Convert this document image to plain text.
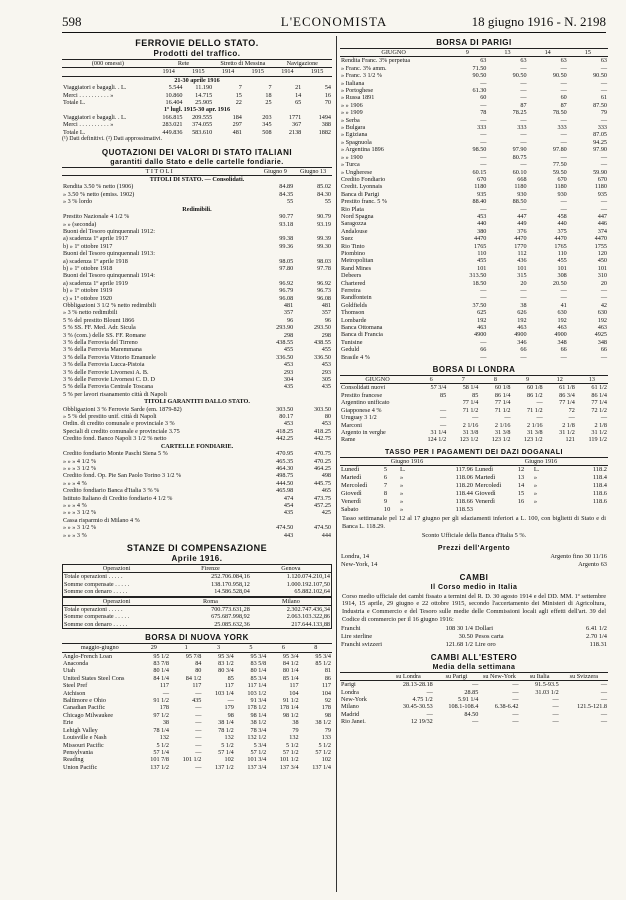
598	L'ECONOMISTA	18 giugno 1916 - N. 2198
FERROVIE DELLO STATO.
Prodotti del traffico.
(000 omessi)	Rete		Stretto di Messina		Navigazione	
	1914	1915	1914	1915	1914	1915
21-30 aprile 1916						
Viaggiatori e bagagli. . L.	5.544	11.190	7	7	21	54
Merci . . . . . . . . . . »	10.860	14.715	15	18	14	16
Totale L.	16.404	25.905	22	25	65	70
1º lugl. 1915-30 apr. 1916						
Viaggiatori e bagagli. . L.	166.815	209.555	184	203	1771	1494
Merci . . . . . . . . . . »	283.021	374.055	297	345	367	388
Totale L.	449.836	583.610	481	508	2138	1882
(¹) Dati definitivi. (²) Dati approssimativi.
QUOTAZIONI DEI VALORI DI STATO ITALIANI
garantiti dallo Stato e delle cartelle fondiarie.
T I T O L I	Giugno 9	Giugno 13
TITOLI DI STATO. — Consolidati.		
Rendita 3.50 % netto (1906)	84.89	85.02
» 3.50 % netto (emiss. 1902)	84.35	84.30
» 3 % lordo	55	55
Redimibili.		
Prestito Nazionale 4 1/2 %	90.77	90.79
» » (seconda)	93.18	93.19
Buoni del Tesoro quinquennali 1912:		
a) scadenza 1º aprile 1917	99.38	99.39
b) » 1º ottobre 1917	99.36	99.30
Buoni del Tesoro quinquennali 1913:		
a) scadenza 1º aprile 1918	98.05	98.03
b) » 1º ottobre 1918	97.80	97.78
Buoni del Tesoro quinquennali 1914:		
a) scadenza 1º aprile 1919	96.92	96.92
b) » 1º ottobre 1919	96.79	96.73
c) » 1º ottobre 1920	96.08	96.08
Obbligazioni 3 1/2 % netto redimibili	481	481
» 3 % netto redimibili	357	357
5 % del prestito Blount 1866	96	96
5 % SS. FF. Med. Adr. Sicula	293.90	293.50
3 % (com.) delle SS. FF. Romane	298	298
3 % della Ferrovia del Tirreno	438.55	438.55
3 % della Ferrovia Maremmana	455	455
3 % della Ferrovia Vittorio Emanuele	336.50	336.50
3 % della Ferrovia Lucca-Pistoia	453	453
3 % delle Ferrovie Livornesi A. B.	293	293
3 % delle Ferrovie Livornesi C. D. D	304	305
5 % della Ferrovia Centrale Toscana	435	435
5 % per lavori risanamento città di Napoli		
TITOLI GARANTITI DALLO STATO.		
Obbligazioni 3 % Ferrovie Sarde (em. 1879-82)	303.50	303.50
» 5 % del prestito unif. città di Napoli	80.17	80
Ordin. di credito comunale e provinciale 3 %	453	453
Speciali di credito comunale e provinciale 3.75	418.25	418.25
Credito fond. Banco Napoli 3 1/2 % netto	442.25	442.75
CARTELLE FONDIARIE.		
Credito fondiario Monte Paschi Siena 5 %	470.95	470.75
» » » 4 1/2 %	465.35	470.25
» » » 3 1/2 %	464.30	464.25
Credito fond. Op. Pie San Paolo Torino 3 1/2 %	498.75	498
» » » 4 %	444.50	445.75
Credito fondiario Banca d'Italia 3 % %	465.98	465
Istituto Italiano di Credito fondiario 4 1/2 %	474	473.75
» » » 4 %	454	457.25
» » » 3 1/2 %	435	425
Cassa risparmio di Milano 4 %		
» » » 3 1/2 %	474.50	474.50
» » » 3 %	443	444
STANZE DI COMPENSAZIONE
Aprile 1916.
Operazioni	Firenze	Genova
Totale operazioni . . . . .	252.706.084,16	1.120.074.210,14
Somme compensate . . . . .	138.170.958,12	1.000.192.107,50
Somme con denaro . . . . .	14.586.528,04	65.882.102,64
Operazioni	Roma	Milano
Totale operazioni . . . . .	700.773.631,28	2.302.747.436,34
Somme compensate . . . . .	675.687.998,92	2.063.103.322,86
Somme con denaro . . . . .	25.085.632,36	217.644.133,88
BORSA DI NUOVA YORK
maggio-giugno	29	1	3	5	6	8
Anglo-French Loan	95 1/2	95 7/8	95 3/4	95 3/4	95 3/4	95 3/4
Anaconda	83 7/8	84	83 1/2	83 5/8	84 1/2	85 1/2
Utah	80 1/4	80	80 3/4	80 1/4	80 1/4	81
United States Steel Cons	84 1/4	84 1/2	85	85 3/4	85 1/4	86
Steel Pref	117	117	117	117 1/4	117	117
Atchison	—	—	103 1/4	103 1/2	104	104
Baltimore e Ohio	91 1/2	435	—	91 3/4	91 1/2	92
Canadian Pacific	178	—	179	178 1/2	178 1/4	178
Chicago Milwaukee	97 1/2	—	98	98 1/4	98 1/2	98
Erie	38	—	38 1/4	38 1/2	38	38 1/2
Lehigh Valley	78 1/4	—	78 1/2	78 3/4	79	79
Louisville e Nash	132	—	132	132 1/2	132	133
Missouri Pacific	5 1/2	—	5 1/2	5 3/4	5 1/2	5 1/2
Pensylvania	57 1/4	—	57 1/4	57 1/2	57 1/2	57 1/2
Reading	101 7/8	101 1/2	102	101 3/4	101 1/2	102
Union Pacific	137 1/2	—	137 1/2	137 3/4	137 3/4	137 1/4
BORSA DI PARIGI
GIUGNO	9	13	14	15
Rendita Franc. 3% perpetua	63	63	63	63
» Franc. 3% amm.	71.50	—	—	—
» Franc. 3 1/2 %	90.50	90.50	90.50	90.50
» Italiana	—	—	—	—
» Portoghese	61.30	—	—	—
» Russa 1891	60	—	60	61
» » 1906	—	87	87	87.50
» » 1909	78	78.25	78.50	79
» Serba	—	—	—	—
» Bulgara	333	333	333	333
» Egiziana	—	—	—	87.05
» Spagnuola	—	—	—	94.25
» Argentina 1896	98.50	97.90	97.80	97.90
» » 1900	—	80.75	—	—
» Turca	—	—	77.50	—
» Ungherese	60.15	60.10	59.50	59.90
Credito Fondiario	670	668	670	670
Credit. Lyonnais	1180	1180	1180	1180
Banca di Parigi	935	930	930	935
Prestito franc. 5 %	88.40	88.50	—	—
Rio Plata	—	—	—	—
Nord Spagna	453	447	458	447
Saragozza	440	449	440	446
Andalouse	380	376	375	374
Suez	4470	4470	4470	4470
Rio Tinto	1765	1770	1765	1755
Piombino	110	112	110	120
Metropolitan	455	436	455	450
Rand Mines	101	101	101	101
Debeers	313.50	315	308	310
Chartered	18.50	20	20.50	20
Ferreira	—	—	—	—
Randfontein	—	—	—	—
Goldfields	37.50	38	41	42
Thomson	625	626	630	630
Lombarde	192	192	192	192
Banca Ottomana	463	463	463	463
Banca di Francia	4900	4900	4900	4925
Tunisine	—	346	348	348
Geduld	66	66	66	66
Brasile 4 %	—	—	—	—
BORSA DI LONDRA
GIUGNO	6	7	8	9	12	13
Consolidati nuovi	57 3/4	58 1/4	60 1/8	60 1/8	61 1/8	61 1/2
Prestito francese	85	85	86 1/4	86 1/2	86 3/4	86 1/4
Argentino unificato		77 1/4	77 1/4	—	77 1/4	77 1/4
Giapponese 4 %	—	71 1/2	71 1/2	71 1/2	72	72 1/2
Uruguay 3 1/2	—	—	—	—	—	—
Marconi	—	2 1/16	2 1/16	2 1/16	2 1/8	2 1/8
Argento in verghe	31 1/4	31 3/8	31 3/8	31 3/8	31 1/2	31 1/2
Rame	124 1/2	123 1/2	123 1/2	123 1/2	121	119 1/2
TASSO PER I PAGAMENTI DEI DAZI DOGANALI
Giugno 1916				Giugno 1916			
Lunedì	5	L.	117.96	Lunedì	12	L.	118.2
Martedì	6	»	118.06	Martedì	13	»	118.4
Mercoledì	7	»	118.20	Mercoledì	14	»	118.4
Giovedì	8	»	118.44	Giovedì	15	»	118.6
Venerdì	9	»	118.66	Venerdì	16	»	118.6
Sabato	10	»	118.53				
Tasso settimanale pel 12 al 17 giugno per gli sdaziamenti inferiori a L. 100, con biglietti di Stato e di Banca L. 118.29.
Sconto Ufficiale della Banca d'Italia 5 %.
Prezzi dell'Argento
Londra, 14	Argento fino 30 11/16
New-York, 14	Argento 63
CAMBI
Il Corso medio in Italia
Corso medio ufficiale dei cambi fissato a termini del R. D. 30 agosto 1914 e del DD. MM. 1º settembre 1914, 15 aprile, 29 giugno e 22 ottobre 1915, secondo l'accertamento dei Ministeri di Agricoltura, Industria e Commercio e del Tesoro sulle medie delle Commissioni locali agli effetti dell'art. 39 del Codice di commercio per il 16 giugno 1916:
Franchi	108 30 1/4	Dollari	6.41 1/2
Lire sterline	30.50	Pesos carta	2.70 1/4
Franchi svizzeri	121.68 1/2	Lire oro	118.31
CAMBI ALL'ESTERO
Media della settimana
	su Londra	su Parigi	su New-York	su Italia	su Svizzera
Parigi	28.13-28.18	—	—	91.5-93.5	—
Londra	—	28.85	—	31.03 1/2	—
New-York	4.75 1/2	5.91 1/4	—	—	—
Milano	30.45-30.53	108.1-108.4	6.38-6.42	—	121.5-121.8
Madrid	—	84.50	—	—	—
Rio Janei.	12 19/32	—	—	—	—
